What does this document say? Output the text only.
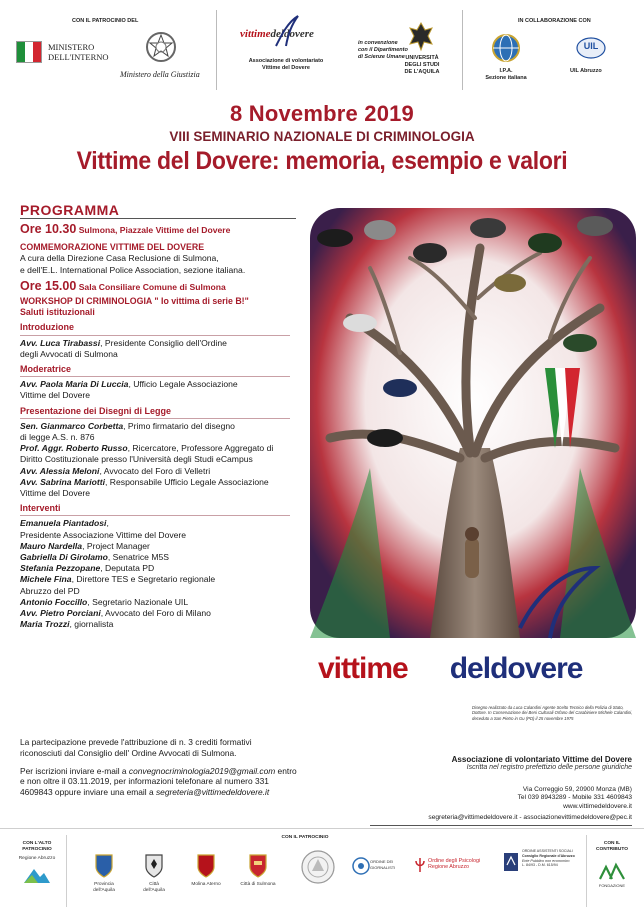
CON IL PATROCINIO DEL
MINISTERO
DELL'INTERNO
Ministero della Giustizia
vittimedeldovere
Associazione di volontariato
Vittime del Dovere
in convenzione
con il Dipartimento
di Scienze Umane UNIVERSITÀ
DEGLI STUDI
DE L'AQUILA
IN COLLABORAZIONE CON
I.P.A.
Sezione italiana
UIL
UIL Abruzzo
8 Novembre 2019
VIII SEMINARIO NAZIONALE DI CRIMINOLOGIA
Vittime del Dovere: memoria, esempio e valori
PROGRAMMA
Ore 10.30 Sulmona, Piazzale Vittime del Dovere
COMMEMORAZIONE VITTIME DEL DOVERE
A cura della Direzione Casa Reclusione di Sulmona,
e dell'E.L. International Police Association, sezione italiana.
Ore 15.00 Sala Consiliare Comune di Sulmona
WORKSHOP DI CRIMINOLOGIA " Io vittima di serie B!"
Saluti istituzionali
Introduzione
Avv. Luca Tirabassi, Presidente Consiglio dell'Ordine
degli Avvocati di Sulmona
Moderatrice
Avv. Paola Maria Di Luccia, Ufficio Legale Associazione
Vittime del Dovere
Presentazione dei Disegni di Legge
Sen. Gianmarco Corbetta, Primo firmatario del disegno
di legge A.S. n. 876
Prof. Aggr. Roberto Russo, Ricercatore, Professore Aggregato di
Diritto Costituzionale presso l'Università degli Studi eCampus
Avv. Alessia Meloni, Avvocato del Foro di Velletri
Avv. Sabrina Mariotti, Responsabile Ufficio Legale Associazione
Vittime del Dovere
Interventi
Emanuela Piantadosi,
Presidente Associazione Vittime del Dovere
Mauro Nardella, Project Manager
Gabriella Di Girolamo, Senatrice M5S
Stefania Pezzopane, Deputata PD
Michele Fina, Direttore TES e Segretario regionale
Abruzzo del PD
Antonio Foccillo, Segretario Nazionale UIL
Avv. Pietro Porciani, Avvocato del Foro di Milano
Maria Trozzi, giornalista
vittime deldovere
Disegno realizzato da Luca Calandini Agente Scelto Tecnico della Polizia di Stato, Dottore. In Conservazione dei Beni Culturali Orfano del Carabiniere Michele Calandini, deceduto a San Pietro in Gu (PD) il 25 novembre 1975
La partecipazione prevede l'attribuzione di n. 3 crediti formativi
riconosciuti dal Consiglio dell' Ordine Avvocati di Sulmona.
Per iscrizioni inviare e-mail a convegnocriminologia2019@gmail.com entro
e non oltre il 03.11.2019, per informazioni telefonare al numero 331
4609843 oppure inviare una email a segreteria@vittimedeldovere.it
Associazione di volontariato Vittime del Dovere
Iscritta nel registro prefettizio delle persone giuridiche
Via Correggio 59, 20900 Monza (MB)
Tel 039 8943289 - Mobile 331 4609843
www.vittimedeldovere.it
segreteria@vittimedeldovere.it - associazionevittimedeldovere@pec.it
CON L'ALTO
PATROCINIO
Regione Abruzzo
CON IL PATROCINIO
Provincia
dell'Aquila
Città
dell'Aquila
Molina Aterno	Città di Sulmona
ORDINE DEI GIORNALISTI
Ordine degli Psicologi
Regione Abruzzo
ORDINE ASSISTENTI SOCIALI
Consiglio Regionale d'Abruzzo
Ente Pubblico non economico
L. 84/93 - D.M. 615/94
CON IL
CONTRIBUTO
FONDAZIONE
